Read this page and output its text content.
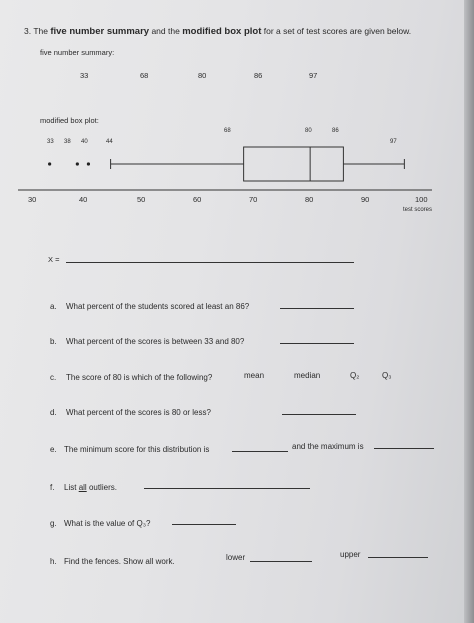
3. The five number summary and the modified box plot for a set of test scores are given below.
five number summary:
33	68	80	86	97
modified box plot:
33 38 40	44
68	80	86
97
30	40	50	60	70	80	90	100
test scores
X =
a. What percent of the students scored at least an 86?
b. What percent of the scores is between 33 and 80?
c. The score of 80 is which of the following?	mean	median	Q₂	Q₃
d. What percent of the scores is 80 or less?
e. The minimum score for this distribution is	and the maximum is
f. List all outliers.
g. What is the value of Q₃?
h. Find the fences. Show all work.	lower	upper
